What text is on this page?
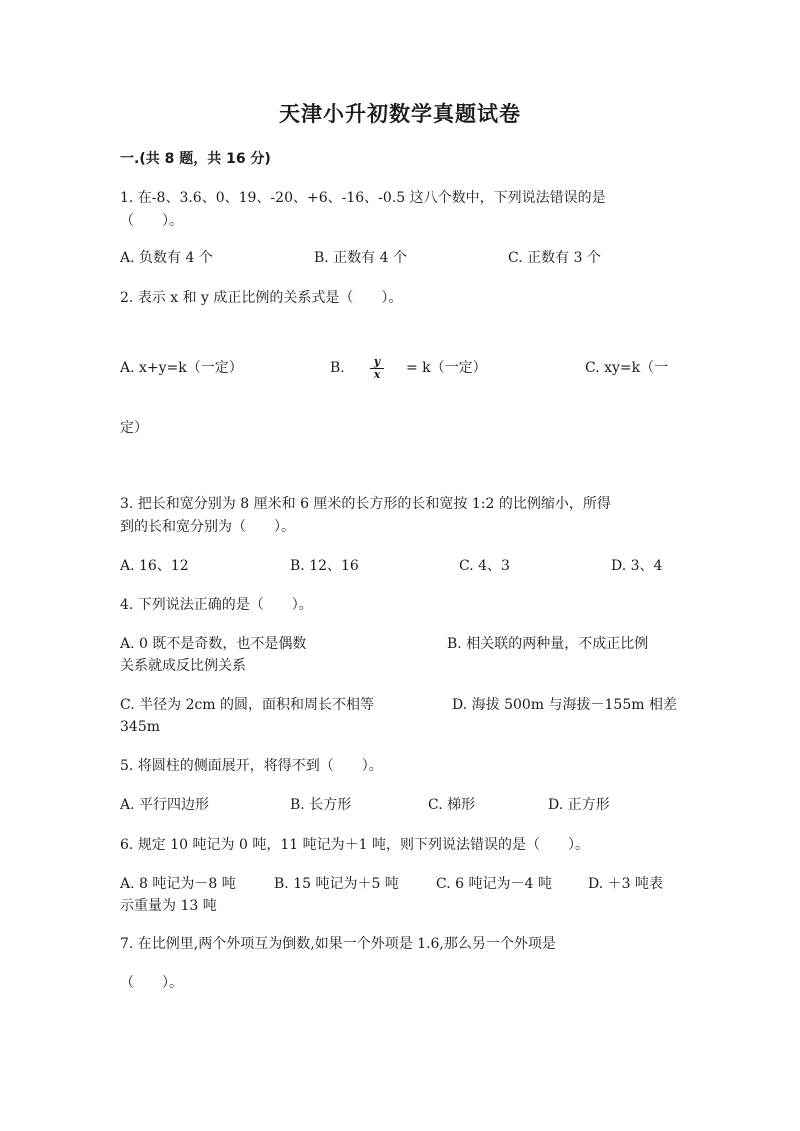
天津小升初数学真题试卷
一.(共 8 题，共 16 分)
1. 在-8、3.6、0、19、-20、+6、-16、-0.5 这八个数中，下列说法错误的是
（　　）。
A. 负数有 4 个	B. 正数有 4 个	C. 正数有 3 个
2. 表示 x 和 y 成正比例的关系式是（　　）。
A. x+y=k（一定）	B. $\frac{y}{x} = k$（一定）	C. xy=k（一
定）
3. 把长和宽分别为 8 厘米和 6 厘米的长方形的长和宽按 1:2 的比例缩小，所得
到的长和宽分别为（　　）。
A. 16、12	B. 12、16	C. 4、3	D. 3、4
4. 下列说法正确的是（　　）。
A. 0 既不是奇数，也不是偶数	B. 相关联的两种量，不成正比例
关系就成反比例关系
C. 半径为 2cm 的圆，面积和周长不相等	D. 海拔 500m 与海拔－155m 相差
345m
5. 将圆柱的侧面展开，将得不到（　　）。
A. 平行四边形	B. 长方形	C. 梯形	D. 正方形
6. 规定 10 吨记为 0 吨，11 吨记为＋1 吨，则下列说法错误的是（　　）。
A. 8 吨记为－8 吨	B. 15 吨记为＋5 吨	C. 6 吨记为－4 吨	D. ＋3 吨表
示重量为 13 吨
7. 在比例里,两个外项互为倒数,如果一个外项是 1.6,那么另一个外项是
（　　）。
